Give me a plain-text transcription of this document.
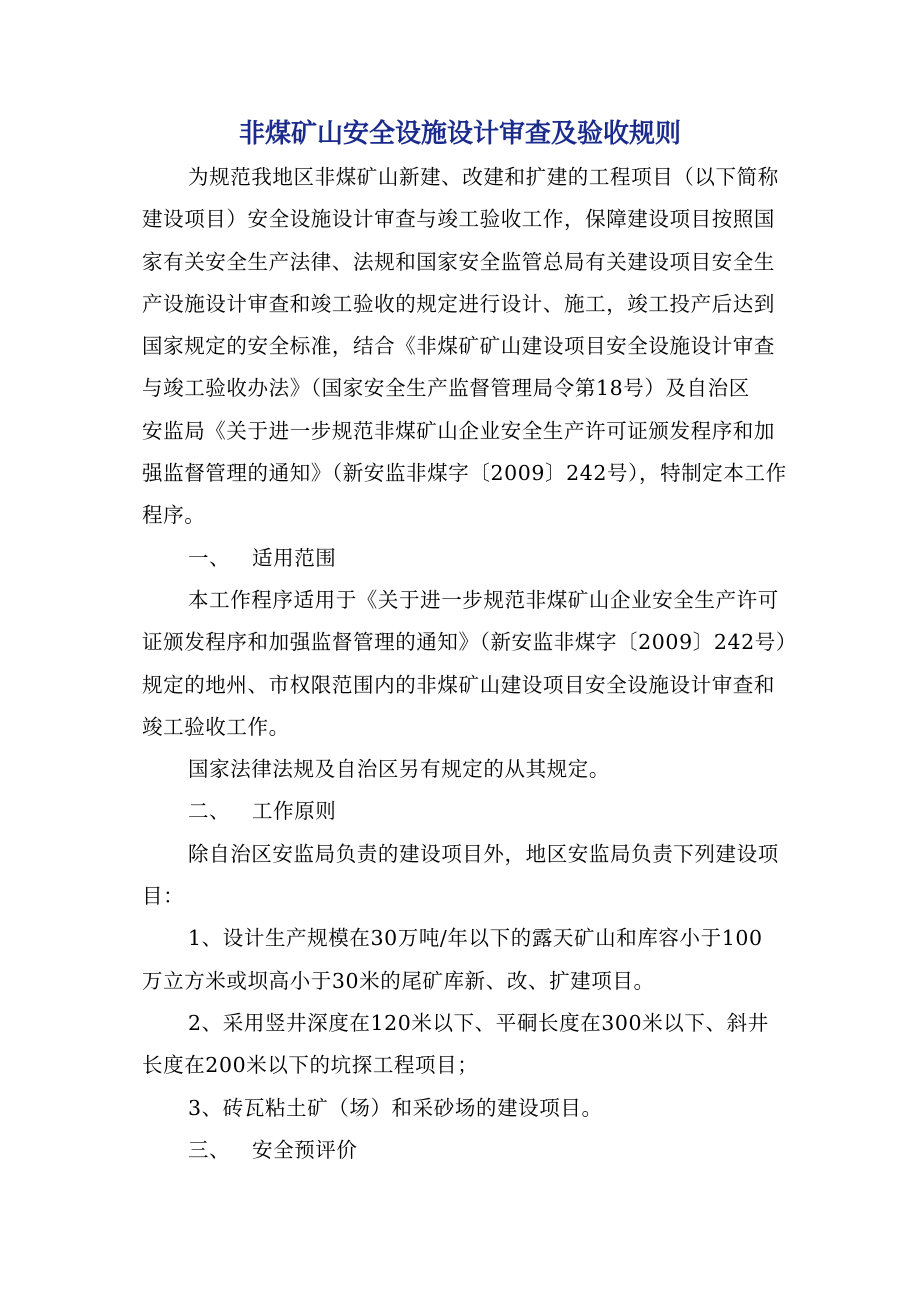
非煤矿山安全设施设计审查及验收规则
为规范我地区非煤矿山新建、改建和扩建的工程项目（以下简称
建设项目）安全设施设计审查与竣工验收工作，保障建设项目按照国
家有关安全生产法律、法规和国家安全监管总局有关建设项目安全生
产设施设计审查和竣工验收的规定进行设计、施工，竣工投产后达到
国家规定的安全标准，结合《非煤矿矿山建设项目安全设施设计审查
与竣工验收办法》（国家安全生产监督管理局令第18号）及自治区
安监局《关于进一步规范非煤矿山企业安全生产许可证颁发程序和加
强监督管理的通知》（新安监非煤字〔2009〕242号），特制定本工作
程序。
一、 适用范围
本工作程序适用于《关于进一步规范非煤矿山企业安全生产许可
证颁发程序和加强监督管理的通知》（新安监非煤字〔2009〕242号）
规定的地州、市权限范围内的非煤矿山建设项目安全设施设计审查和
竣工验收工作。
国家法律法规及自治区另有规定的从其规定。
二、 工作原则
除自治区安监局负责的建设项目外，地区安监局负责下列建设项
目：
1、设计生产规模在30万吨/年以下的露天矿山和库容小于100
万立方米或坝高小于30米的尾矿库新、改、扩建项目。
2、采用竖井深度在120米以下、平硐长度在300米以下、斜井
长度在200米以下的坑探工程项目；
3、砖瓦粘土矿（场）和采砂场的建设项目。
三、 安全预评价
